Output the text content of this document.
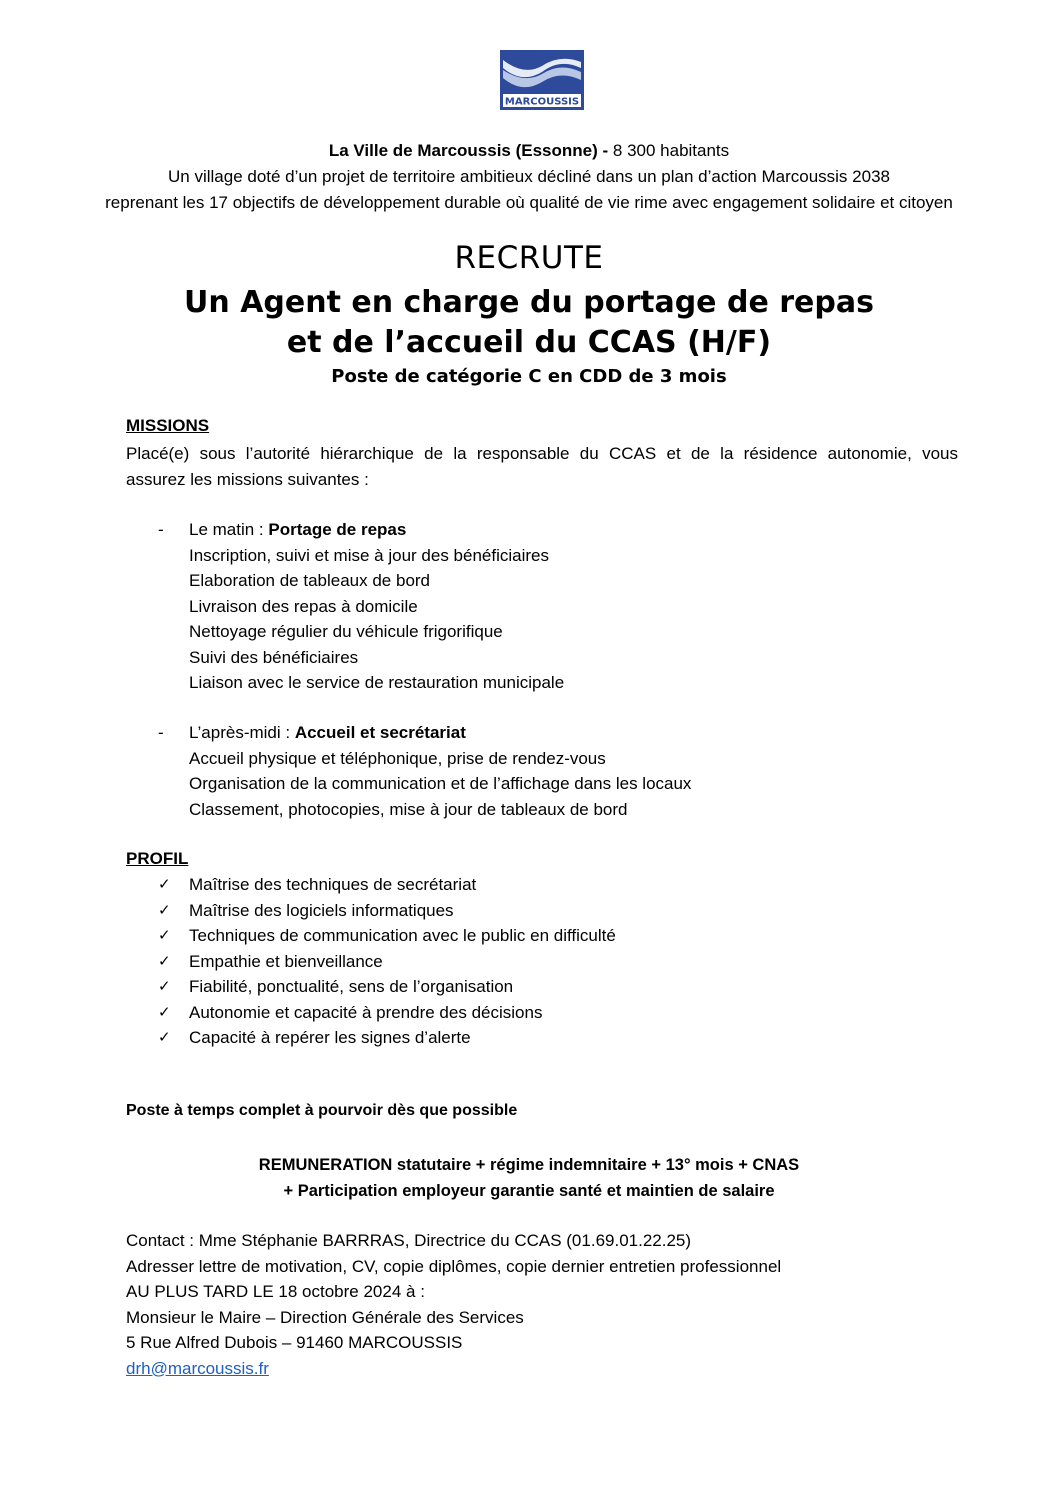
MARCOUSSIS
La Ville de Marcoussis (Essonne) - 8 300 habitants
Un village doté d’un projet de territoire ambitieux décliné dans un plan d’action Marcoussis 2038
reprenant les 17 objectifs de développement durable où qualité de vie rime avec engagement solidaire et citoyen
RECRUTE
Un Agent en charge du portage de repas
et de l’accueil du CCAS (H/F)
Poste de catégorie C en CDD de 3 mois
MISSIONS
Placé(e) sous l’autorité hiérarchique de la responsable du CCAS et de la résidence autonomie, vous
assurez les missions suivantes :
- Le matin : Portage de repas
Inscription, suivi et mise à jour des bénéficiaires
Elaboration de tableaux de bord
Livraison des repas à domicile
Nettoyage régulier du véhicule frigorifique
Suivi des bénéficiaires
Liaison avec le service de restauration municipale
- L’après-midi : Accueil et secrétariat
Accueil physique et téléphonique, prise de rendez-vous
Organisation de la communication et de l’affichage dans les locaux
Classement, photocopies, mise à jour de tableaux de bord
PROFIL
✓ Maîtrise des techniques de secrétariat
✓ Maîtrise des logiciels informatiques
✓ Techniques de communication avec le public en difficulté
✓ Empathie et bienveillance
✓ Fiabilité, ponctualité, sens de l’organisation
✓ Autonomie et capacité à prendre des décisions
✓ Capacité à repérer les signes d’alerte
Poste à temps complet à pourvoir dès que possible
REMUNERATION statutaire + régime indemnitaire + 13° mois + CNAS
+ Participation employeur garantie santé et maintien de salaire
Contact : Mme Stéphanie BARRRAS, Directrice du CCAS (01.69.01.22.25)
Adresser lettre de motivation, CV, copie diplômes, copie dernier entretien professionnel
AU PLUS TARD LE 18 octobre 2024 à :
Monsieur le Maire – Direction Générale des Services
5 Rue Alfred Dubois – 91460 MARCOUSSIS
drh@marcoussis.fr
